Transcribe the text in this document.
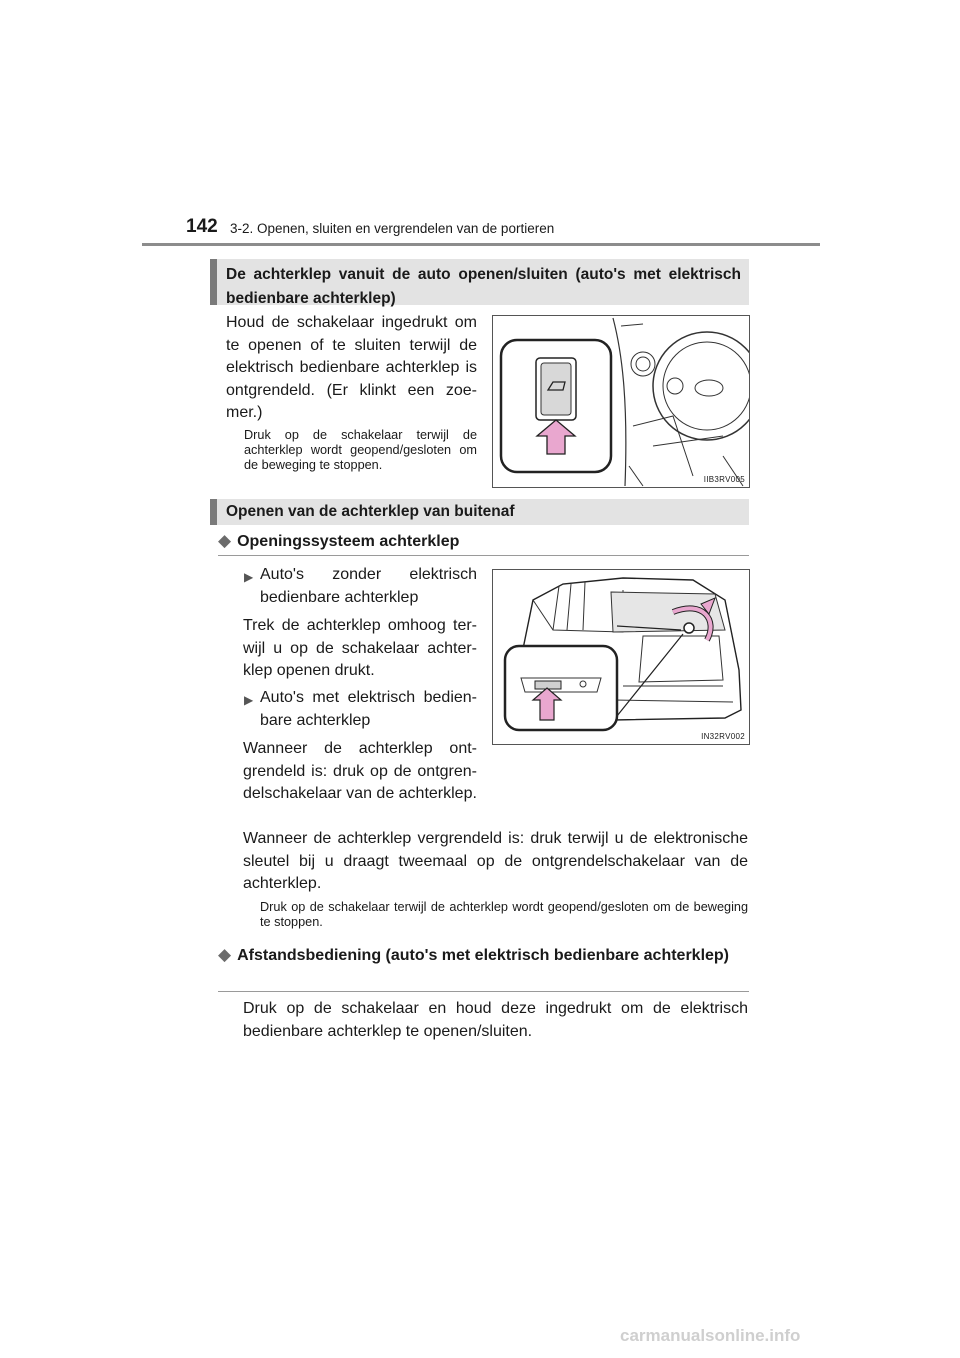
142 3-2. Openen, sluiten en vergrendelen van de portieren
De achterklep vanuit de auto openen/sluiten (auto's met elektrisch bedienbare achterklep)
Houd de schakelaar ingedrukt om te openen of te sluiten terwijl de elektrisch bedienbare achterklep is ontgrendeld. (Er klinkt een zoemer.)
Druk op de schakelaar terwijl de achterklep wordt geopend/gesloten om de beweging te stoppen.
IIB3RV005
Openen van de achterklep van buitenaf
◆ Openingssysteem achterklep
▶ Auto's zonder elektrisch bedienbare achterklep
Trek de achterklep omhoog terwijl u op de schakelaar achterklep openen drukt.
▶ Auto's met elektrisch bedienbare achterklep
Wanneer de achterklep ontgrendeld is: druk op de ontgrendelschakelaar van de achterklep.
IN32RV002
Wanneer de achterklep vergrendeld is: druk terwijl u de elektronische sleutel bij u draagt tweemaal op de ontgrendelschakelaar van de achterklep.
Druk op de schakelaar terwijl de achterklep wordt geopend/gesloten om de beweging te stoppen.
◆ Afstandsbediening (auto's met elektrisch bedienbare achterklep)
Druk op de schakelaar en houd deze ingedrukt om de elektrisch bedienbare achterklep te openen/sluiten.
carmanualsonline.info
